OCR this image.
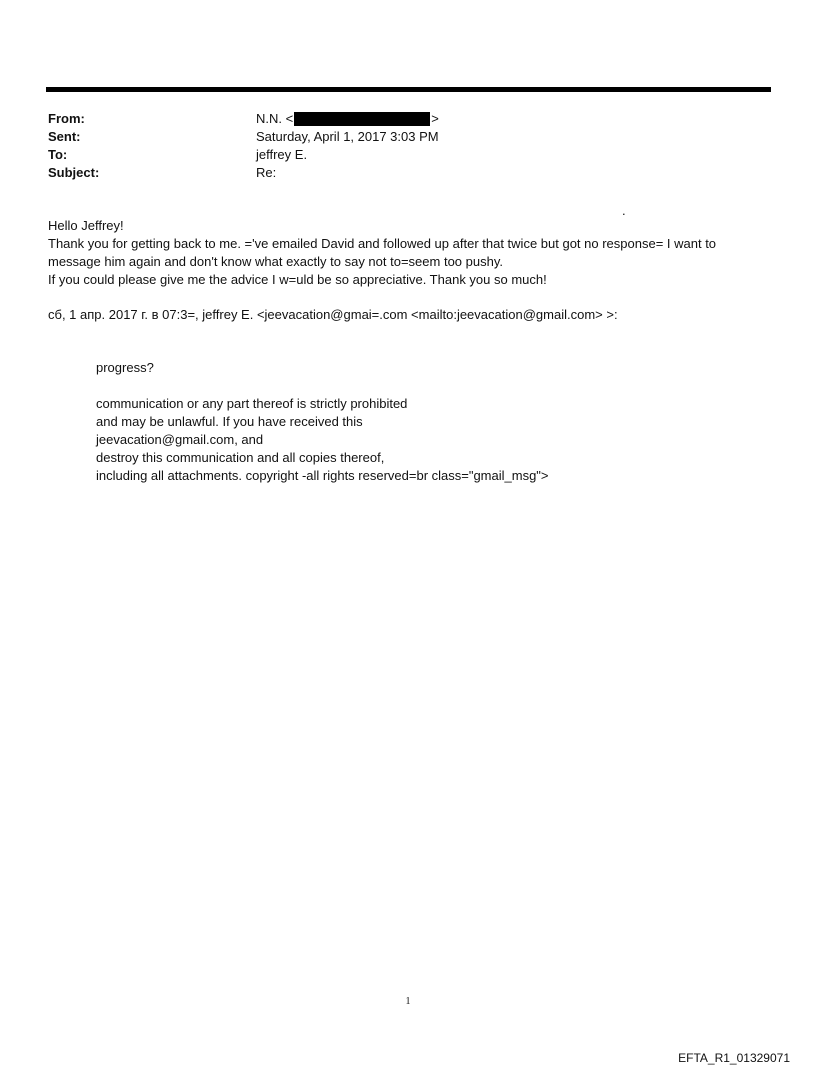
From:	N.N. <	>
Sent:	Saturday, April 1, 2017 3:03 PM
To:	jeffrey E.
Subject:	Re:
.

Hello Jeffrey!

Thank you for getting back to me. ='ve emailed David and followed up after that twice but got no response= I want to

message him again and don't know what exactly to say not to=seem too pushy.

If you could please give me the advice I w=uld be so appreciative. Thank you so much!

сб, 1 апр. 2017 г. в 07:3=, jeffrey E. <jeevacation@gmai=.com <mailto:jeevacation@gmail.com> >:

progress?

communication or any part thereof is strictly prohibited

and may be unlawful. If you have received this

jeevacation@gmail.com, and

destroy this communication and all copies thereof,

including all attachments. copyright -all rights reserved=br class="gmail_msg">

1
EFTA_R1_01329071
